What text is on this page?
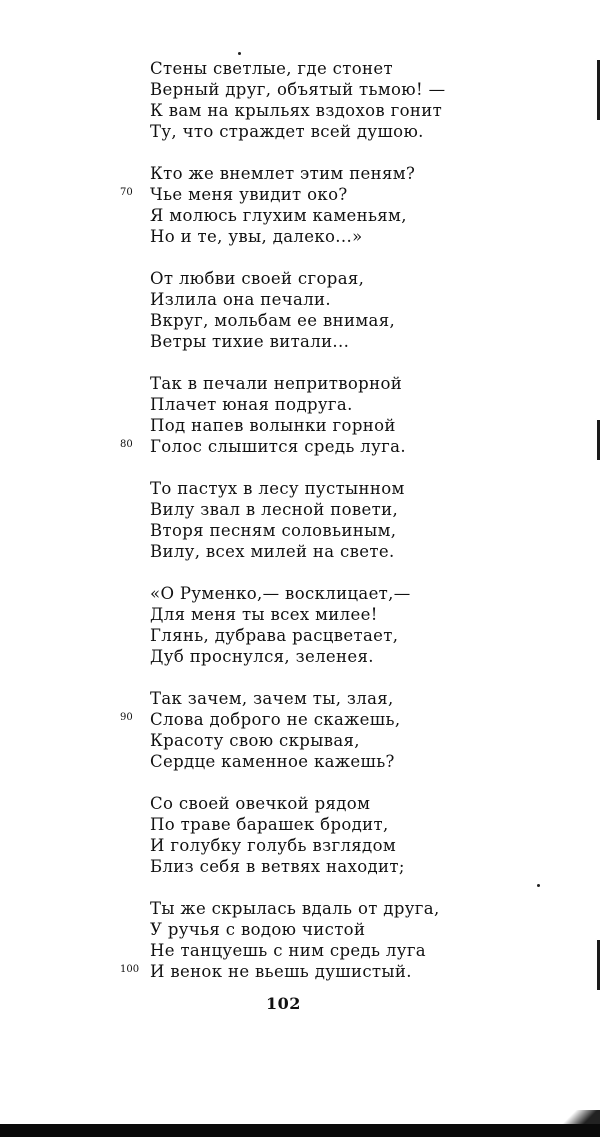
Стены светлые, где стонет
Верный друг, объятый тьмою! —
К вам на крыльях вздохов гонит
Ту, что страждет всей душою.
Кто же внемлет этим пеням?
70 Чье меня увидит око?
Я молюсь глухим каменьям,
Но и те, увы, далеко...»
От любви своей сгорая,
Излила она печали.
Вкруг, мольбам ее внимая,
Ветры тихие витали...
Так в печали непритворной
Плачет юная подруга.
Под напев волынки горной
80 Голос слышится средь луга.
То пастух в лесу пустынном
Вилу звал в лесной повети,
Вторя песням соловьиным,
Вилу, всех милей на свете.
«О Руменко,— восклицает,—
Для меня ты всех милее!
Глянь, дубрава расцветает,
Дуб проснулся, зеленея.
Так зачем, зачем ты, злая,
90 Слова доброго не скажешь,
Красоту свою скрывая,
Сердце каменное кажешь?
Со своей овечкой рядом
По траве барашек бродит,
И голубку голубь взглядом
Близ себя в ветвях находит;
Ты же скрылась вдаль от друга,
У ручья с водою чистой
Не танцуешь с ним средь луга
100 И венок не вьешь душистый.
102
